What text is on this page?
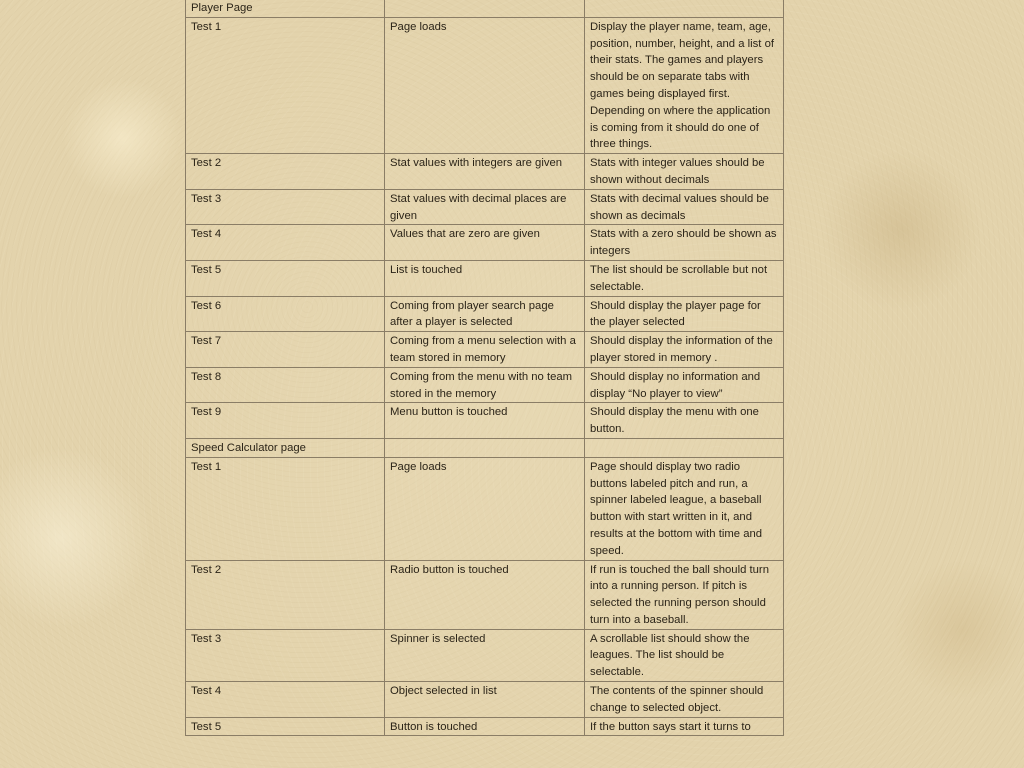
Player Page		
Test 1	Page loads	Display the player name, team, age, position, number, height, and a list of their stats. The games and players should be on separate tabs with games being displayed first. Depending on where the application is coming from it should do one of three things.
Test 2	Stat values with integers are given	Stats with integer values should be shown without decimals
Test 3	Stat values with decimal places are given	Stats with decimal values should be shown as decimals
Test 4	Values that are zero are given	Stats with a zero should be shown as integers
Test 5	List is touched	The list should be scrollable but not selectable.
Test 6	Coming from player search page after a player is selected	Should display the player page for the player selected
Test 7	Coming from a menu selection with a team stored in memory	Should display the information of the player stored in memory .
Test 8	Coming from the menu with no team stored in the memory	Should display no information and display “No player to view”
Test 9	Menu button is touched	Should display the menu with one button.
Speed Calculator page		
Test 1	Page loads	Page should display two radio buttons labeled pitch and run, a spinner labeled league, a baseball button with start written in it, and results at the bottom with time and speed.
Test 2	Radio button is touched	If run is touched the ball should turn into a running person. If pitch is selected the running person should turn into a baseball.
Test 3	Spinner is selected	A scrollable list should show the leagues. The list should be selectable.
Test 4	Object selected in list	The contents of the spinner should change to selected object.
Test 5	Button is touched	If the button says start it turns to
